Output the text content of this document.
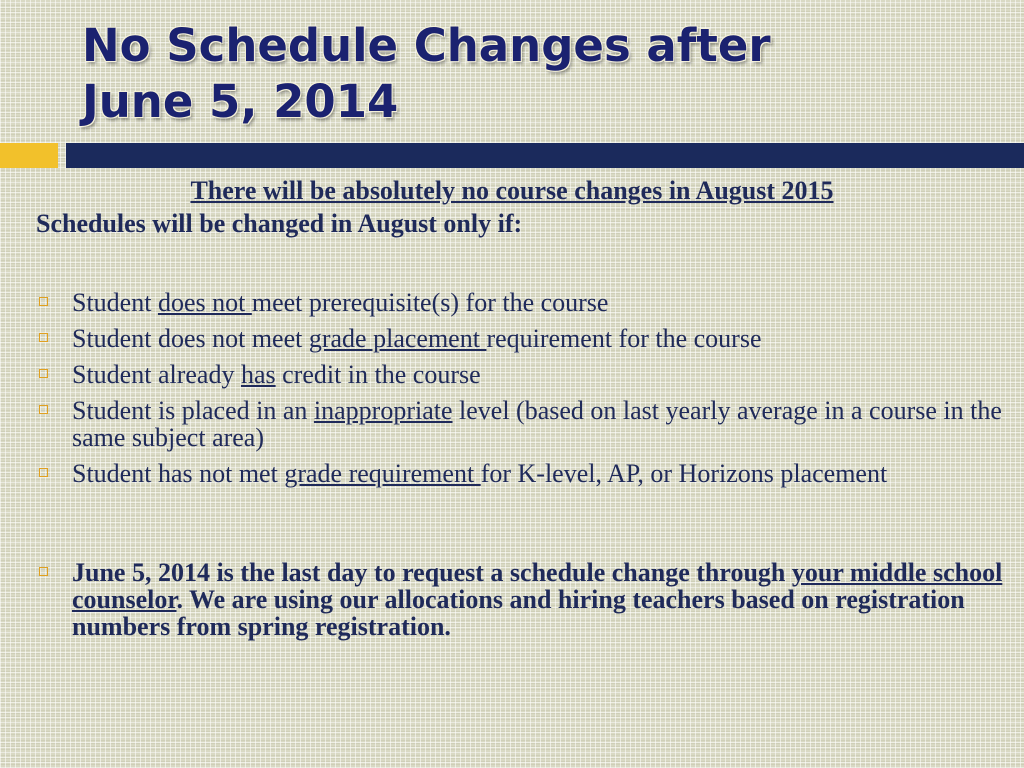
No Schedule Changes after
June 5, 2014

There will be absolutely no course changes in August 2015

Schedules will be changed in August only if:

Student does not meet prerequisite(s) for the course
Student does not meet grade placement requirement for the course
Student already has credit in the course
Student is placed in an inappropriate level (based on last yearly average in a course in the same subject area)
Student has not met grade requirement for K-level, AP, or Horizons placement
June 5, 2014 is the last day to request a schedule change through your middle school counselor. We are using our allocations and hiring teachers based on registration numbers from spring registration.
